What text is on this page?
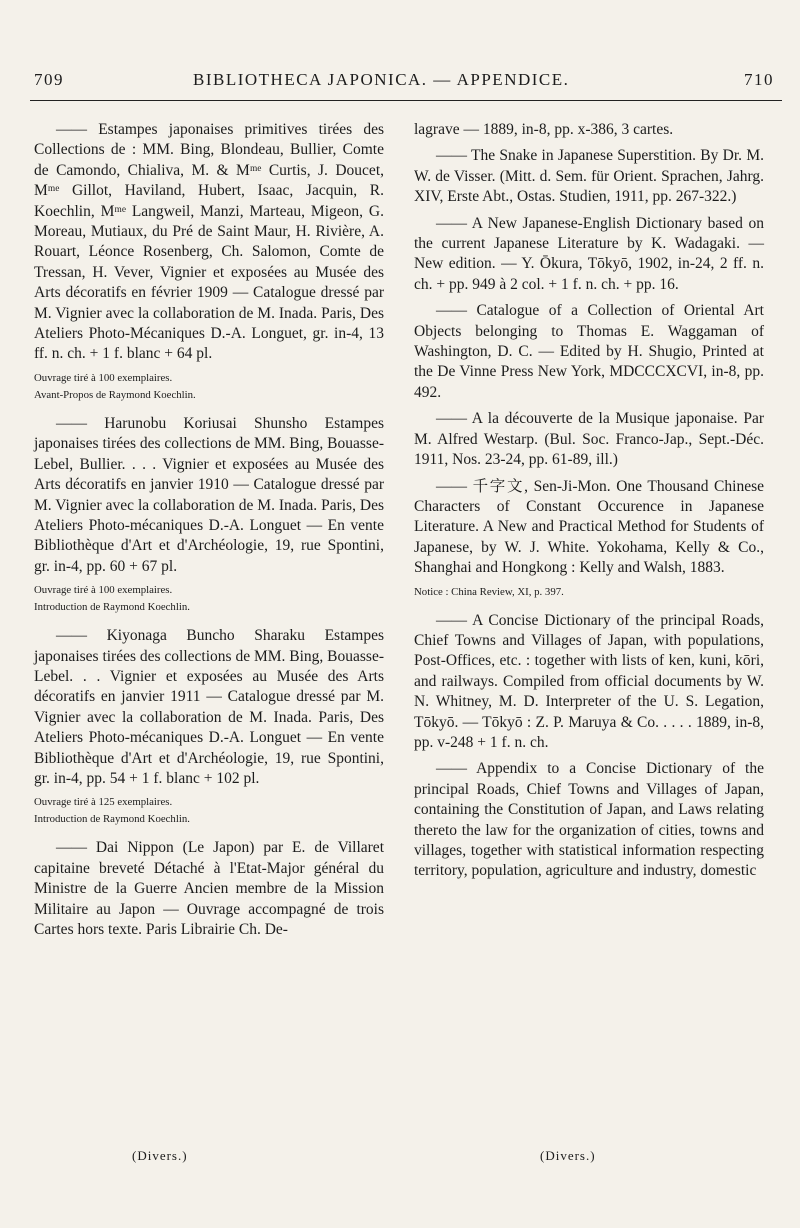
709	BIBLIOTHECA JAPONICA. — APPENDICE.	710

—— Estampes japonaises primitives tirées des Collections de : MM. Bing, Blondeau, Bullier, Comte de Camondo, Chialiva, M. & Mᵐᵉ Curtis, J. Doucet, Mᵐᵉ Gillot, Haviland, Hubert, Isaac, Jacquin, R. Koechlin, Mᵐᵉ Langweil, Manzi, Marteau, Migeon, G. Moreau, Mutiaux, du Pré de Saint Maur, H. Rivière, A. Rouart, Léonce Rosenberg, Ch. Salomon, Comte de Tressan, H. Vever, Vignier et exposées au Musée des Arts décoratifs en février 1909 — Catalogue dressé par M. Vignier avec la collaboration de M. Inada. Paris, Des Ateliers Photo-Mécaniques D.-A. Longuet, gr. in-4, 13 ff. n. ch. + 1 f. blanc + 64 pl.

Ouvrage tiré à 100 exemplaires.
Avant-Propos de Raymond Koechlin.

—— Harunobu Koriusai Shunsho Estampes japonaises tirées des collections de MM. Bing, Bouasse-Lebel, Bullier. . . . Vignier et exposées au Musée des Arts décoratifs en janvier 1910 — Catalogue dressé par M. Vignier avec la collaboration de M. Inada. Paris, Des Ateliers Photo-mécaniques D.-A. Longuet — En vente Bibliothèque d'Art et d'Archéologie, 19, rue Spontini, gr. in-4, pp. 60 + 67 pl.

Ouvrage tiré à 100 exemplaires.
Introduction de Raymond Koechlin.

—— Kiyonaga Buncho Sharaku Estampes japonaises tirées des collections de MM. Bing, Bouasse-Lebel. . . Vignier et exposées au Musée des Arts décoratifs en janvier 1911 — Catalogue dressé par M. Vignier avec la collaboration de M. Inada. Paris, Des Ateliers Photo-mécaniques D.-A. Longuet — En vente Bibliothèque d'Art et d'Archéologie, 19, rue Spontini, gr. in-4, pp. 54 + 1 f. blanc + 102 pl.

Ouvrage tiré à 125 exemplaires.
Introduction de Raymond Koechlin.

—— Dai Nippon (Le Japon) par E. de Villaret capitaine breveté Détaché à l'Etat-Major général du Ministre de la Guerre Ancien membre de la Mission Militaire au Japon — Ouvrage accompagné de trois Cartes hors texte. Paris Librairie Ch. De-

lagrave — 1889, in-8, pp. x-386, 3 cartes.

—— The Snake in Japanese Superstition. By Dr. M. W. de Visser. (Mitt. d. Sem. für Orient. Sprachen, Jahrg. XIV, Erste Abt., Ostas. Studien, 1911, pp. 267-322.)

—— A New Japanese-English Dictionary based on the current Japanese Literature by K. Wadagaki. — New edition. — Y. Ōkura, Tōkyō, 1902, in-24, 2 ff. n. ch. + pp. 949 à 2 col. + 1 f. n. ch. + pp. 16.

—— Catalogue of a Collection of Oriental Art Objects belonging to Thomas E. Waggaman of Washington, D. C. — Edited by H. Shugio, Printed at the De Vinne Press New York, MDCCCXCVI, in-8, pp. 492.

—— A la découverte de la Musique japonaise. Par M. Alfred Westarp. (Bul. Soc. Franco-Jap., Sept.-Déc. 1911, Nos. 23-24, pp. 61-89, ill.)

—— 千字文, Sen-Ji-Mon. One Thousand Chinese Characters of Constant Occurence in Japanese Literature. A New and Practical Method for Students of Japanese, by W. J. White. Yokohama, Kelly & Co., Shanghai and Hongkong : Kelly and Walsh, 1883.

Notice : China Review, XI, p. 397.

—— A Concise Dictionary of the principal Roads, Chief Towns and Villages of Japan, with populations, Post-Offices, etc. : together with lists of ken, kuni, kōri, and railways. Compiled from official documents by W. N. Whitney, M. D. Interpreter of the U. S. Legation, Tōkyō. — Tōkyō : Z. P. Maruya & Co. . . . . 1889, in-8, pp. v-248 + 1 f. n. ch.

—— Appendix to a Concise Dictionary of the principal Roads, Chief Towns and Villages of Japan, containing the Constitution of Japan, and Laws relating thereto the law for the organization of cities, towns and villages, together with statistical information respecting territory, population, agriculture and industry, domestic

(Divers.)	(Divers.)
